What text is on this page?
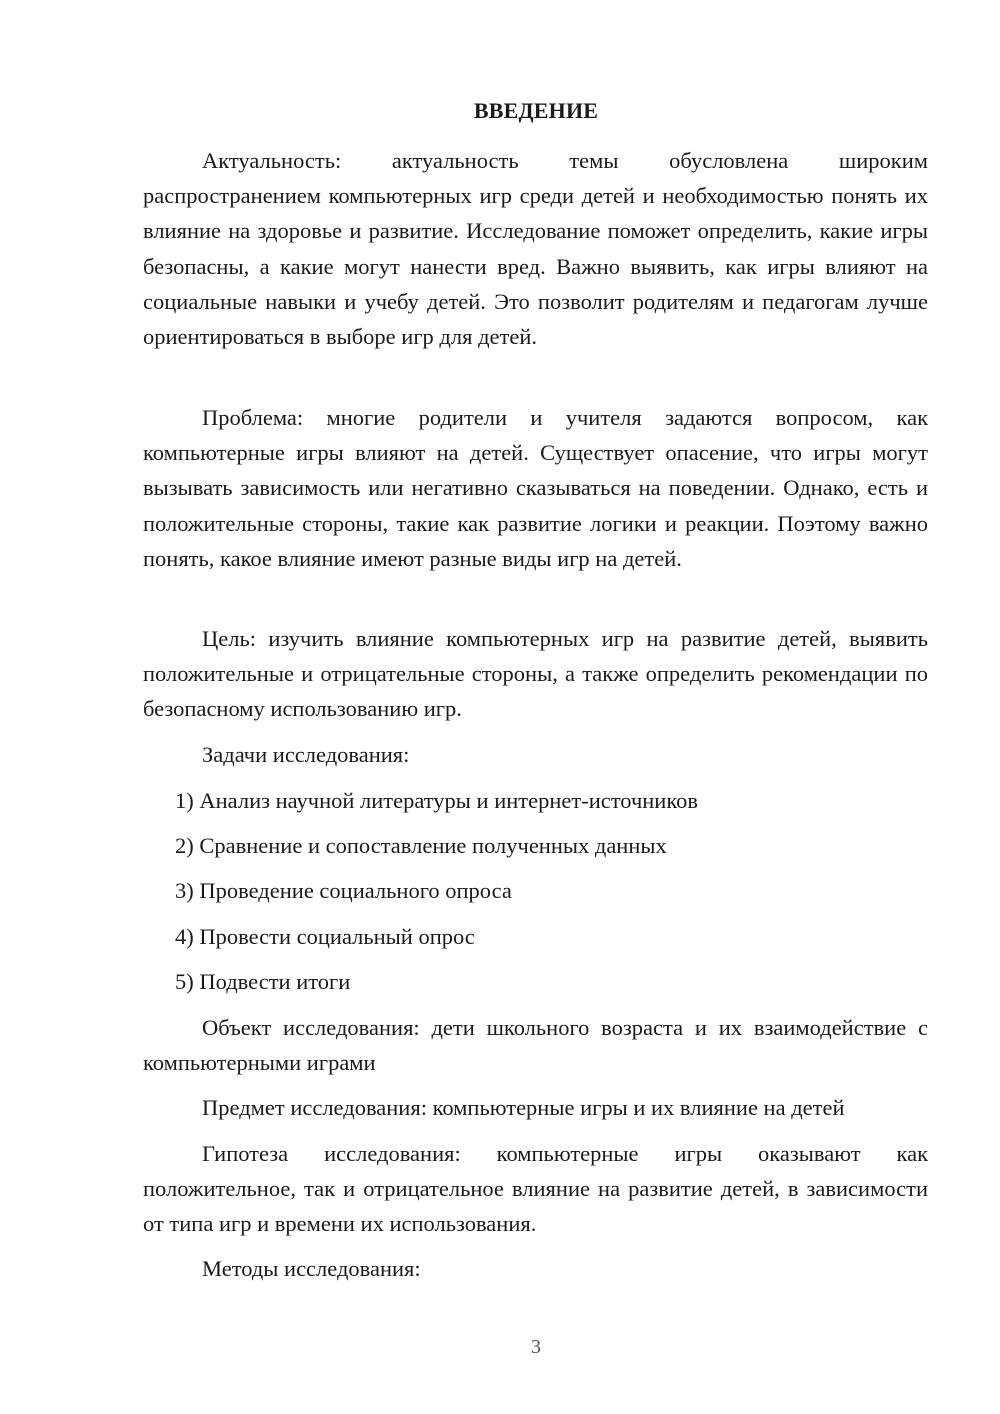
ВВЕДЕНИЕ

Актуальность: актуальность темы обусловлена широким распространением компьютерных игр среди детей и необходимостью понять их влияние на здоровье и развитие. Исследование поможет определить, какие игры безопасны, а какие могут нанести вред. Важно выявить, как игры влияют на социальные навыки и учебу детей. Это позволит родителям и педагогам лучше ориентироваться в выборе игр для детей.

Проблема: многие родители и учителя задаются вопросом, как компьютерные игры влияют на детей. Существует опасение, что игры могут вызывать зависимость или негативно сказываться на поведении. Однако, есть и положительные стороны, такие как развитие логики и реакции. Поэтому важно понять, какое влияние имеют разные виды игр на детей.

Цель: изучить влияние компьютерных игр на развитие детей, выявить положительные и отрицательные стороны, а также определить рекомендации по безопасному использованию игр.

Задачи исследования:

1) Анализ научной литературы и интернет-источников

2) Сравнение и сопоставление полученных данных

3) Проведение социального опроса

4) Провести социальный опрос

5) Подвести итоги

Объект исследования: дети школьного возраста и их взаимодействие с компьютерными играми

Предмет исследования: компьютерные игры и их влияние на детей

Гипотеза исследования: компьютерные игры оказывают как положительное, так и отрицательное влияние на развитие детей, в зависимости от типа игр и времени их использования.

Методы исследования:

3
